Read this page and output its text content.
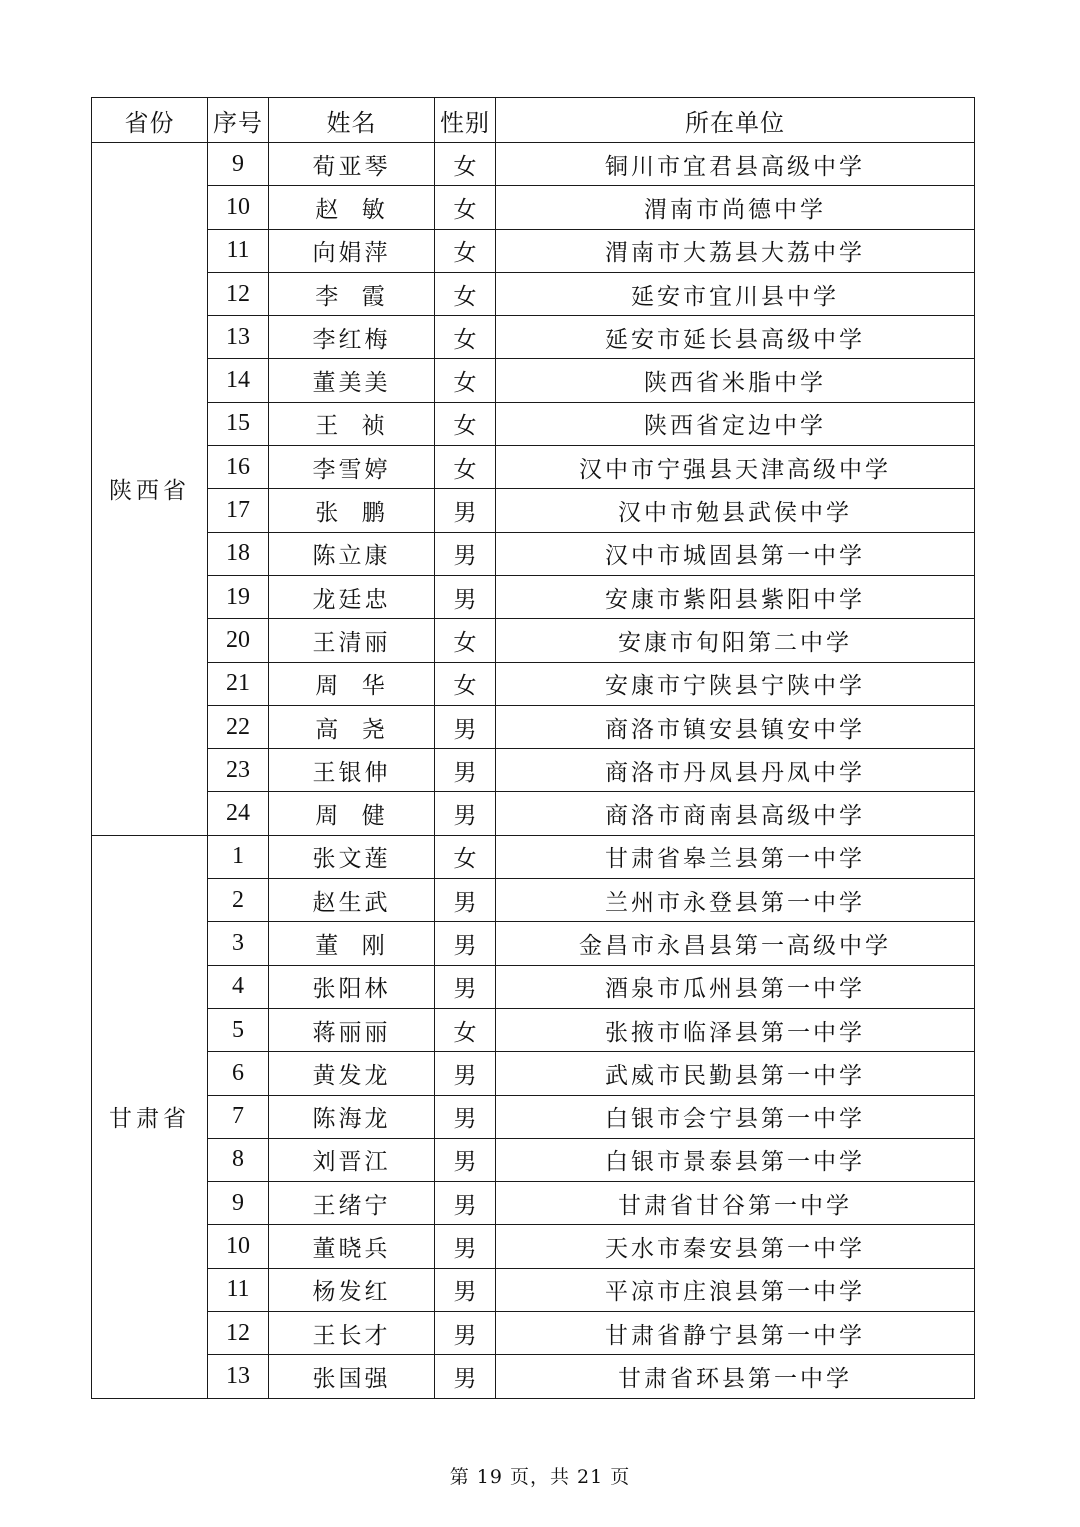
省份	序号	姓名	性别	所在单位
陕西省	9	荀亚琴	女	铜川市宜君县高级中学
	10	赵  敏	女	渭南市尚德中学
	11	向娟萍	女	渭南市大荔县大荔中学
	12	李  霞	女	延安市宜川县中学
	13	李红梅	女	延安市延长县高级中学
	14	董美美	女	陕西省米脂中学
	15	王  祯	女	陕西省定边中学
	16	李雪婷	女	汉中市宁强县天津高级中学
	17	张  鹏	男	汉中市勉县武侯中学
	18	陈立康	男	汉中市城固县第一中学
	19	龙廷忠	男	安康市紫阳县紫阳中学
	20	王清丽	女	安康市旬阳第二中学
	21	周  华	女	安康市宁陕县宁陕中学
	22	高  尧	男	商洛市镇安县镇安中学
	23	王银伸	男	商洛市丹凤县丹凤中学
	24	周  健	男	商洛市商南县高级中学
甘肃省	1	张文莲	女	甘肃省皋兰县第一中学
	2	赵生武	男	兰州市永登县第一中学
	3	董  刚	男	金昌市永昌县第一高级中学
	4	张阳林	男	酒泉市瓜州县第一中学
	5	蒋丽丽	女	张掖市临泽县第一中学
	6	黄发龙	男	武威市民勤县第一中学
	7	陈海龙	男	白银市会宁县第一中学
	8	刘晋江	男	白银市景泰县第一中学
	9	王绪宁	男	甘肃省甘谷第一中学
	10	董晓兵	男	天水市秦安县第一中学
	11	杨发红	男	平凉市庄浪县第一中学
	12	王长才	男	甘肃省静宁县第一中学
	13	张国强	男	甘肃省环县第一中学
第 19 页，共 21 页
